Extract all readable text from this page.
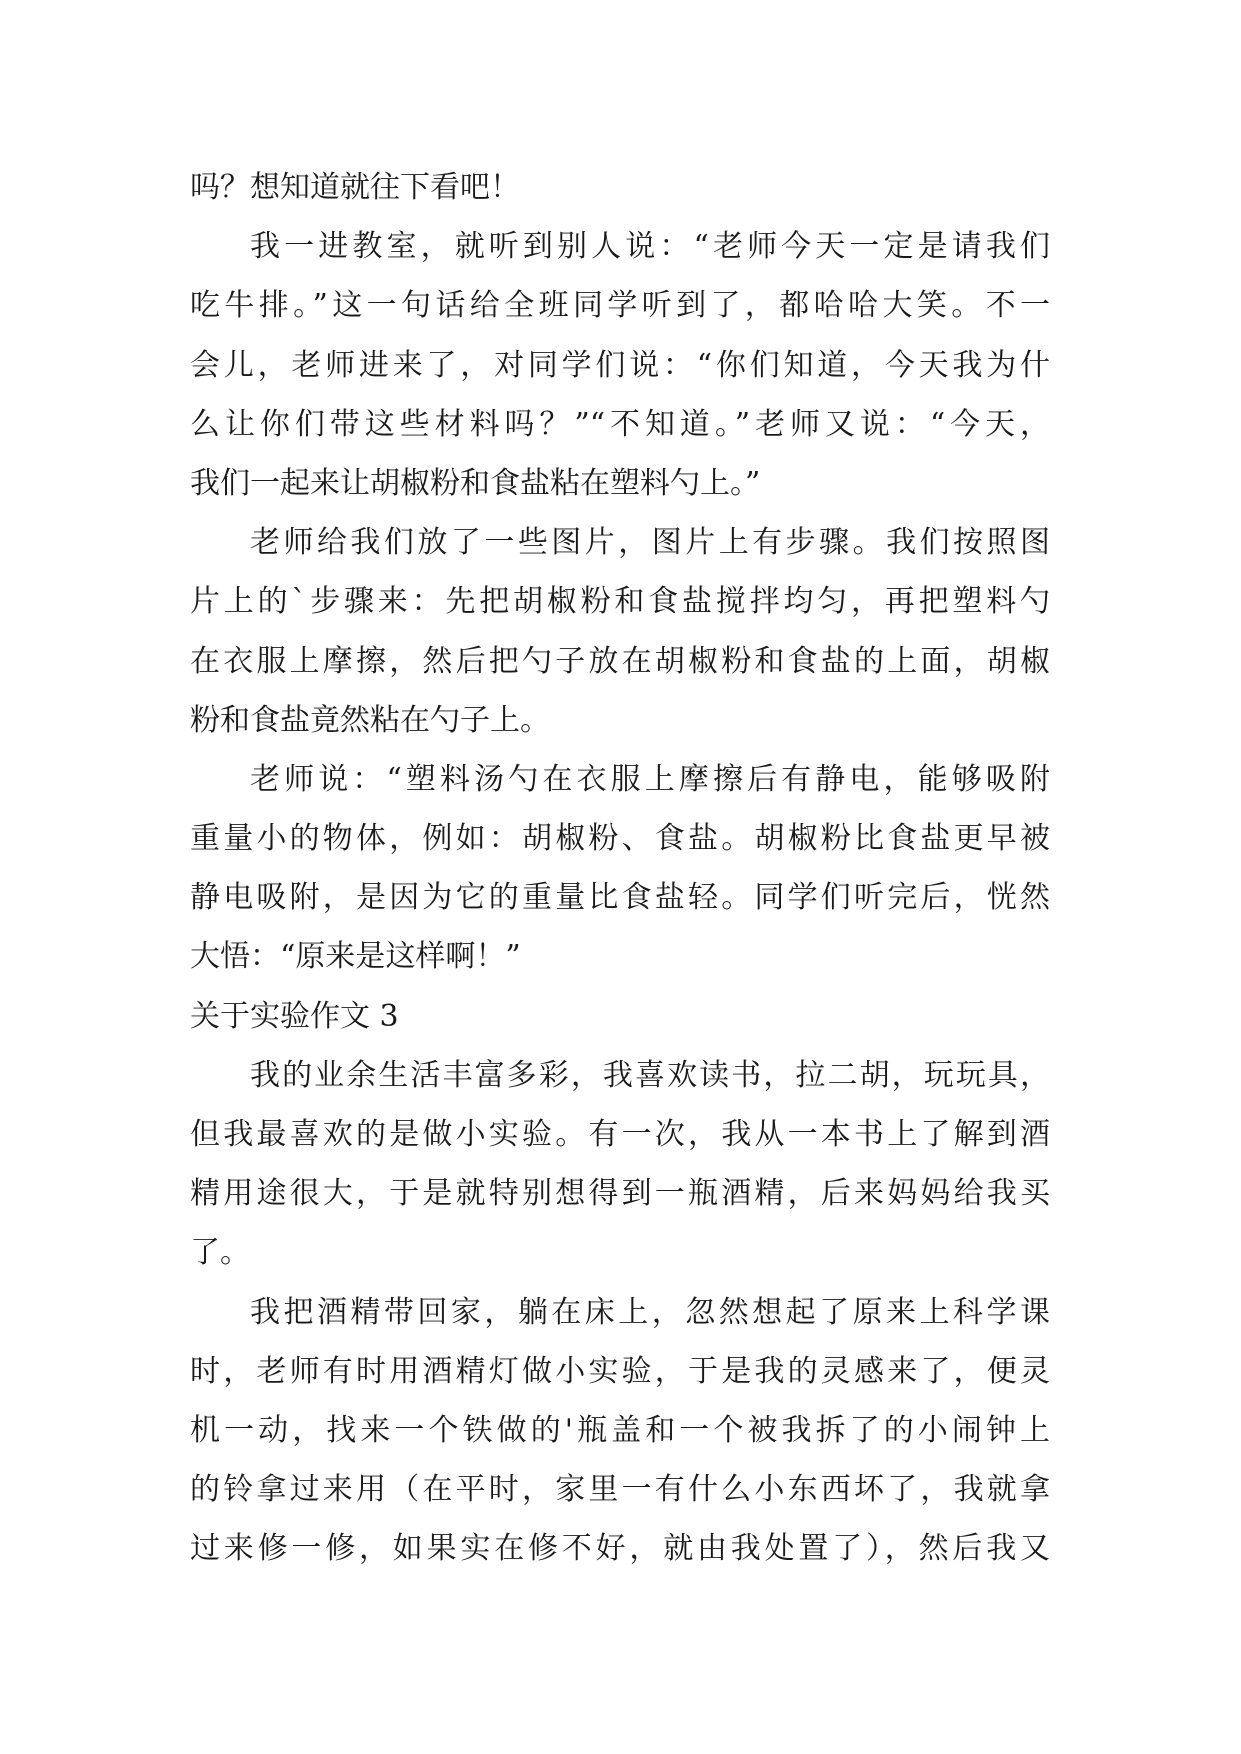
吗？想知道就往下看吧！
我一进教室，就听到别人说：“老师今天一定是请我们
吃牛排。”这一句话给全班同学听到了，都哈哈大笑。不一
会儿，老师进来了，对同学们说：“你们知道，今天我为什
么让你们带这些材料吗？”“不知道。”老师又说：“今天，
我们一起来让胡椒粉和食盐粘在塑料勺上。”
老师给我们放了一些图片，图片上有步骤。我们按照图
片上的`步骤来：先把胡椒粉和食盐搅拌均匀，再把塑料勺
在衣服上摩擦，然后把勺子放在胡椒粉和食盐的上面，胡椒
粉和食盐竟然粘在勺子上。
老师说：“塑料汤勺在衣服上摩擦后有静电，能够吸附
重量小的物体，例如：胡椒粉、食盐。胡椒粉比食盐更早被
静电吸附，是因为它的重量比食盐轻。同学们听完后，恍然
大悟：“原来是这样啊！”
关于实验作文 3
我的业余生活丰富多彩，我喜欢读书，拉二胡，玩玩具，
但我最喜欢的是做小实验。有一次，我从一本书上了解到酒
精用途很大，于是就特别想得到一瓶酒精，后来妈妈给我买
了。
我把酒精带回家，躺在床上，忽然想起了原来上科学课
时，老师有时用酒精灯做小实验，于是我的灵感来了，便灵
机一动，找来一个铁做的'瓶盖和一个被我拆了的小闹钟上
的铃拿过来用（在平时，家里一有什么小东西坏了，我就拿
过来修一修，如果实在修不好，就由我处置了），然后我又
